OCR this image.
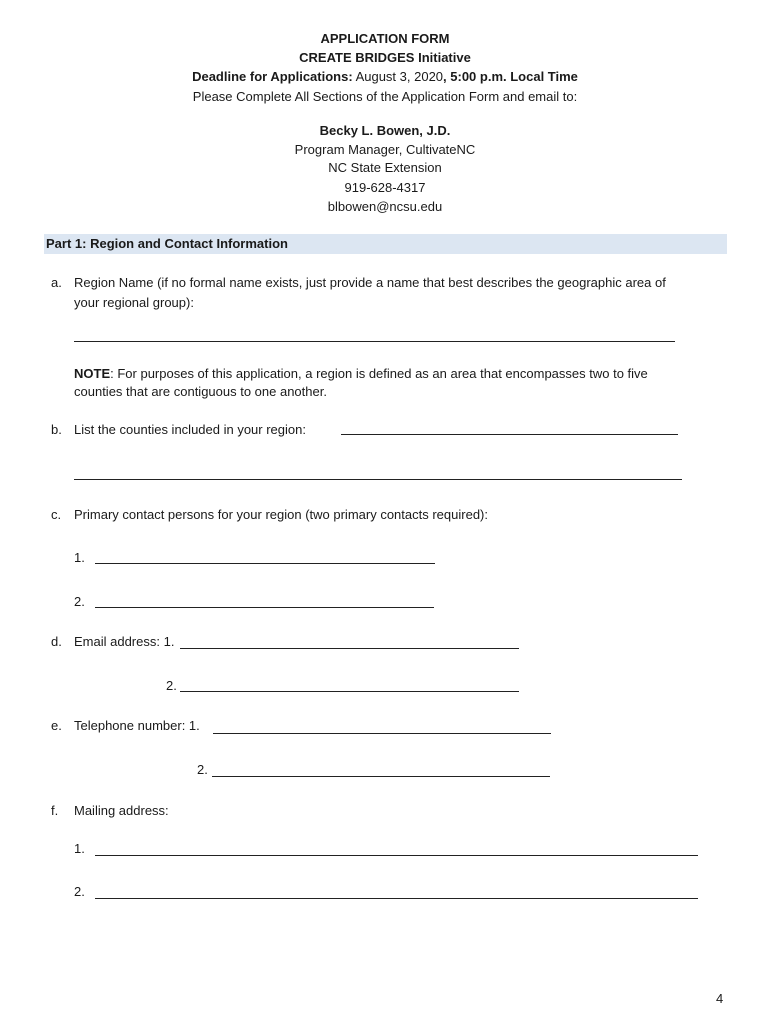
APPLICATION FORM
CREATE BRIDGES Initiative
Deadline for Applications: August 3, 2020, 5:00 p.m. Local Time
Please Complete All Sections of the Application Form and email to:
Becky L. Bowen, J.D.
Program Manager, CultivateNC
NC State Extension
919-628-4317
blbowen@ncsu.edu
Part 1: Region and Contact Information
a. Region Name (if no formal name exists, just provide a name that best describes the geographic area of
your regional group):
NOTE: For purposes of this application, a region is defined as an area that encompasses two to five
counties that are contiguous to one another.
b. List the counties included in your region:
c. Primary contact persons for your region (two primary contacts required):
1.
2.
d. Email address: 1.
2.
e. Telephone number: 1.
2.
f. Mailing address:
1.
2.
4
